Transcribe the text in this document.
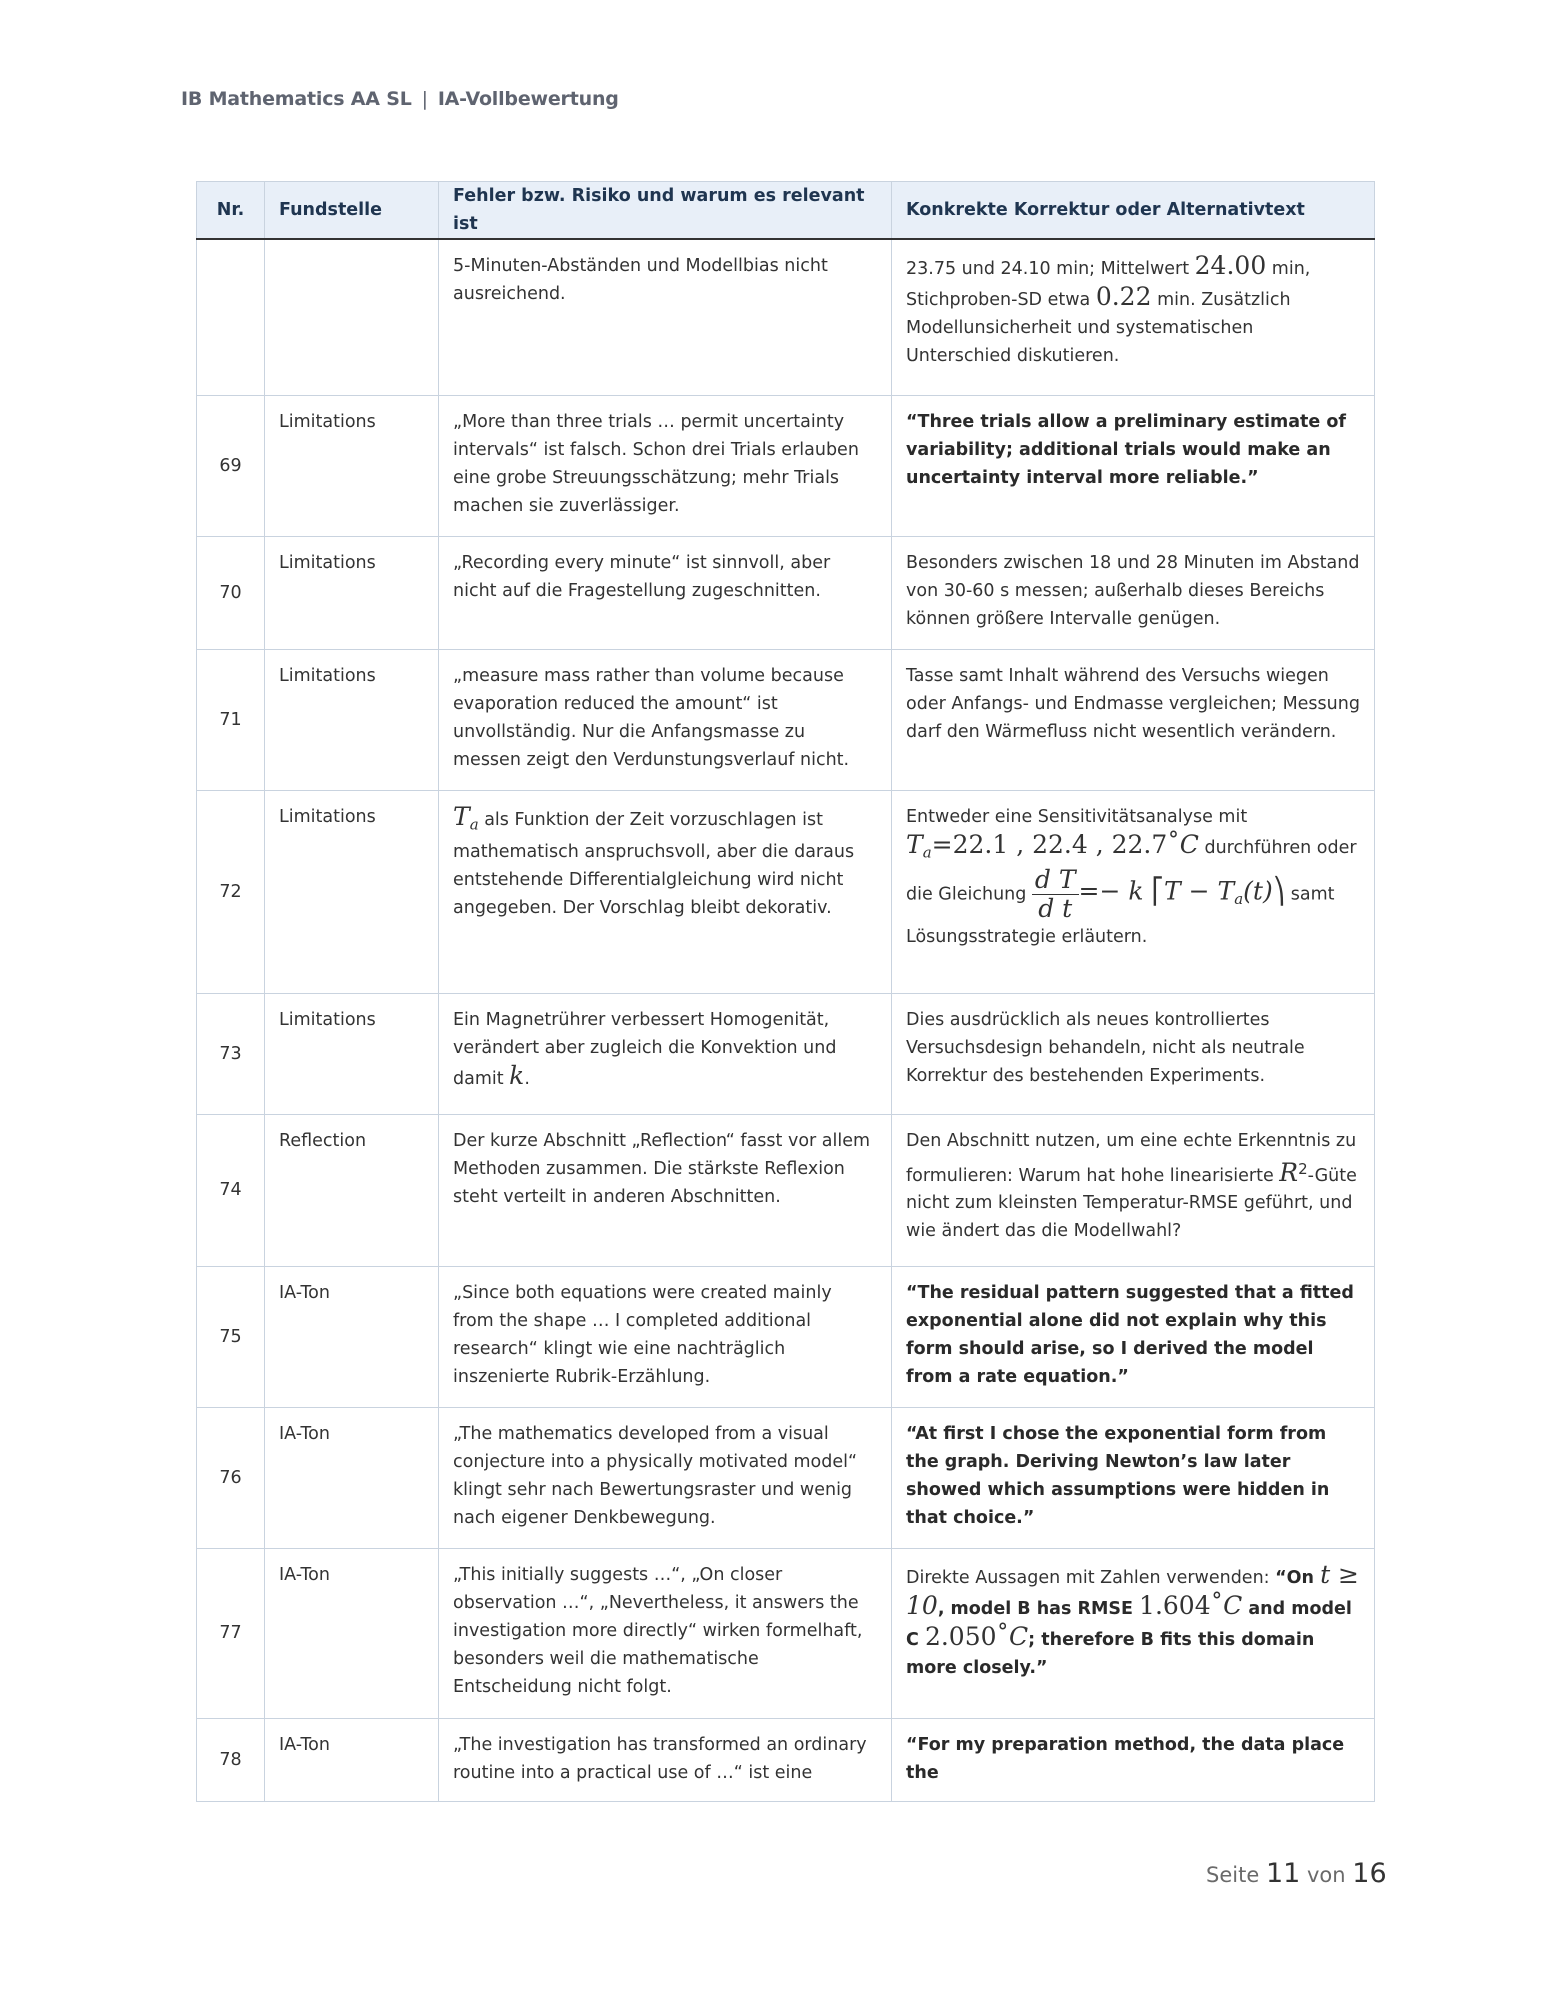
IB Mathematics AA SL | IA-Vollbewertung
Nr.	Fundstelle	Fehler bzw. Risiko und warum es relevant ist	Konkrekte Korrektur oder Alternativtext
		5-Minuten-Abständen und Modellbias nicht ausreichend.	23.75 und 24.10 min; Mittelwert 24.00 min, Stichproben-SD etwa 0.22 min. Zusätzlich Modellunsicherheit und systematischen Unterschied diskutieren.
69	Limitations	„More than three trials … permit uncertainty intervals“ ist falsch. Schon drei Trials erlauben eine grobe Streuungsschätzung; mehr Trials machen sie zuverlässiger.	“Three trials allow a preliminary estimate of variability; additional trials would make an uncertainty interval more reliable.”
70	Limitations	„Recording every minute“ ist sinnvoll, aber nicht auf die Fragestellung zugeschnitten.	Besonders zwischen 18 und 28 Minuten im Abstand von 30-60 s messen; außerhalb dieses Bereichs können größere Intervalle genügen.
71	Limitations	„measure mass rather than volume because evaporation reduced the amount“ ist unvollständig. Nur die Anfangsmasse zu messen zeigt den Verdunstungsverlauf nicht.	Tasse samt Inhalt während des Versuchs wiegen oder Anfangs- und Endmasse vergleichen; Messung darf den Wärmefluss nicht wesentlich verändern.
72	Limitations	$T_a$ als Funktion der Zeit vorzuschlagen ist mathematisch anspruchsvoll, aber die daraus entstehende Differentialgleichung wird nicht angegeben. Der Vorschlag bleibt dekorativ.	Entweder eine Sensitivitätsanalyse mit
$T_a=22.1$ , 22.4 , 22.7˚C durchführen oder die Gleichung $\frac{\text{d T}}{\text{d t}} =- k$ ⎡T − $T_a(t)⎞$ samt Lösungsstrategie erläutern.
73	Limitations	Ein Magnetrührer verbessert Homogenität, verändert aber zugleich die Konvektion und damit k.	Dies ausdrücklich als neues kontrolliertes Versuchsdesign behandeln, nicht als neutrale Korrektur des bestehenden Experiments.
74	Reflection	Der kurze Abschnitt „Reflection“ fasst vor allem Methoden zusammen. Die stärkste Reflexion steht verteilt in anderen Abschnitten.	Den Abschnitt nutzen, um eine echte Erkenntnis zu formulieren: Warum hat hohe linearisierte $R^2$-Güte nicht zum kleinsten Temperatur-RMSE geführt, und wie ändert das die Modellwahl?
75	IA-Ton	„Since both equations were created mainly from the shape … I completed additional research“ klingt wie eine nachträglich inszenierte Rubrik-Erzählung.	“The residual pattern suggested that a fitted exponential alone did not explain why this form should arise, so I derived the model from a rate equation.”
76	IA-Ton	„The mathematics developed from a visual conjecture into a physically motivated model“ klingt sehr nach Bewertungsraster und wenig nach eigener Denkbewegung.	“At first I chose the exponential form from the graph. Deriving Newton’s law later showed which assumptions were hidden in that choice.”
77	IA-Ton	„This initially suggests …“, „On closer observation …“, „Nevertheless, it answers the investigation more directly“ wirken formelhaft, besonders weil die mathematische Entscheidung nicht folgt.	Direkte Aussagen mit Zahlen verwenden: “On t ≥ 10, model B has RMSE 1.604˚C and model C 2.050˚C; therefore B fits this domain more closely.”
78	IA-Ton	„The investigation has transformed an ordinary routine into a practical use of …“ ist eine	“For my preparation method, the data place the
Seite 11 von 16
